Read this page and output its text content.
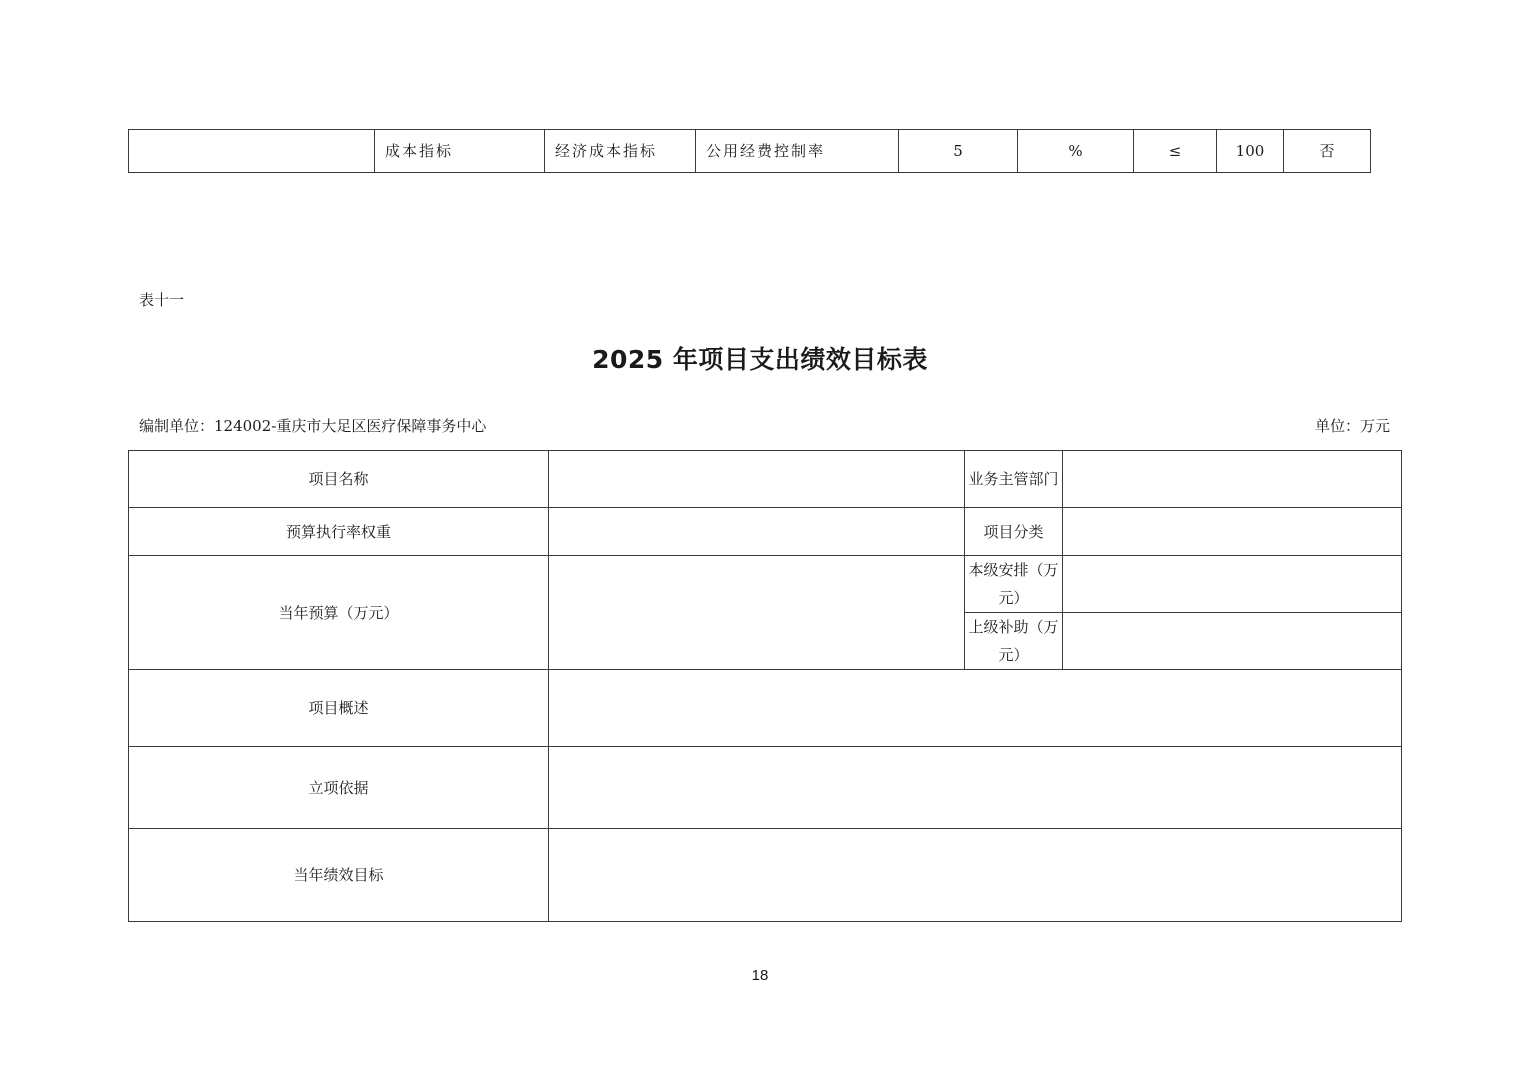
	成本指标	经济成本指标	公用经费控制率	5	%	≤	100	否
表十一
2025 年项目支出绩效目标表
编制单位：124002-重庆市大足区医疗保障事务中心	单位：万元
项目名称		业务主管部门	
预算执行率权重		项目分类	
当年预算（万元）		本级安排（万元）	
		上级补助（万元）	
项目概述			
立项依据			
当年绩效目标			
18
